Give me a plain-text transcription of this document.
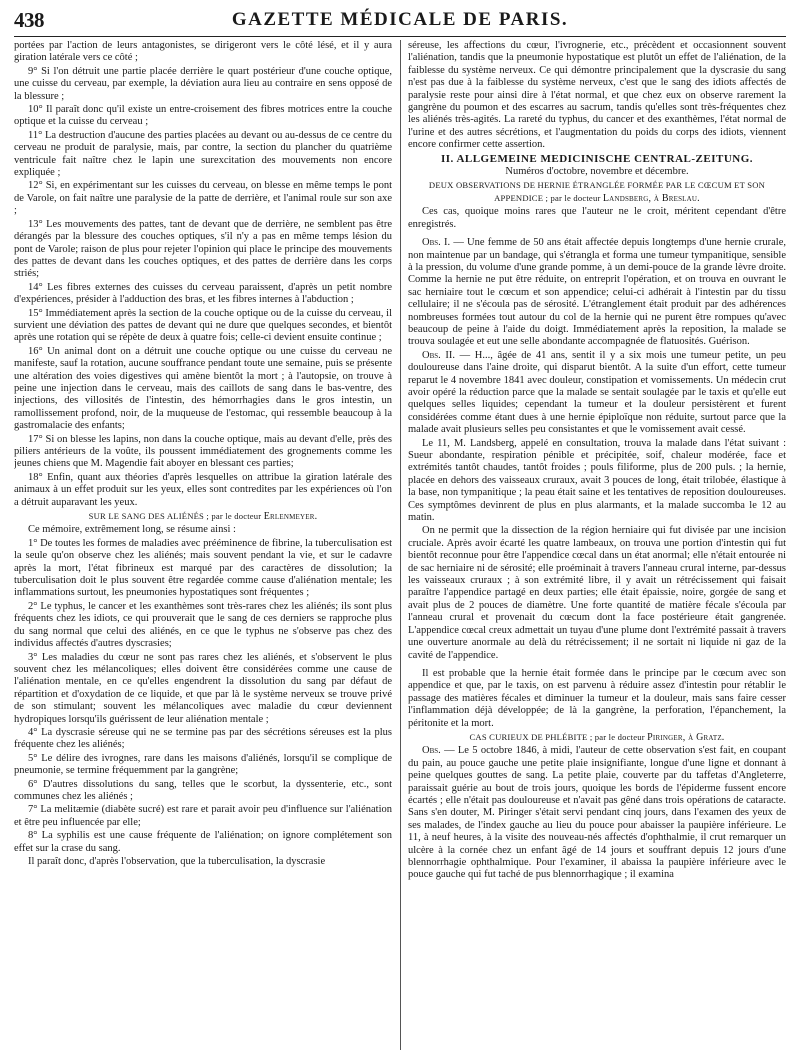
438	GAZETTE MÉDICALE DE PARIS.

portées par l'action de leurs antagonistes, se dirigeront vers le côté lésé, et il y aura giration latérale vers ce côté ;

9° Si l'on détruit une partie placée derrière le quart postérieur d'une couche optique, une cuisse du cerveau, par exemple, la déviation aura lieu au contraire en sens opposé de la blessure ;

10° Il paraît donc qu'il existe un entre-croisement des fibres motrices entre la couche optique et la cuisse du cerveau ;

11° La destruction d'aucune des parties placées au devant ou au-dessus de ce centre du cerveau ne produit de paralysie, mais, par contre, la section du plancher du quatrième ventricule fait naître chez le lapin une surexcitation des mouvements non encore expliquée ;

12° Si, en expérimentant sur les cuisses du cerveau, on blesse en même temps le pont de Varole, on fait naître une paralysie de la patte de derrière, et l'animal roule sur son axe ;

13° Les mouvements des pattes, tant de devant que de derrière, ne semblent pas être dérangés par la blessure des couches optiques, s'il n'y a pas en même temps lésion du pont de Varole; raison de plus pour rejeter l'opinion qui place le principe des mouvements des pattes de devant dans les couches optiques, et des pattes de derrière dans les corps striés;

14° Les fibres externes des cuisses du cerveau paraissent, d'après un petit nombre d'expériences, présider à l'adduction des bras, et les fibres internes à l'abduction ;

15° Immédiatement après la section de la couche optique ou de la cuisse du cerveau, il survient une déviation des pattes de devant qui ne dure que quelques secondes, et bientôt après une rotation qui se répète de deux à quatre fois; celle-ci devient ensuite continue ;

16° Un animal dont on a détruit une couche optique ou une cuisse du cerveau ne manifeste, sauf la rotation, aucune souffrance pendant toute une semaine, puis se présente une altération des voies digestives qui amène bientôt la mort ; à l'autopsie, on trouve à peine une injection dans le cerveau, mais des caillots de sang dans le bas-ventre, des injections, des villosités de l'intestin, des hémorrhagies dans le gros intestin, un ramollissement profond, noir, de la muqueuse de l'estomac, qui ressemble beaucoup à la gastromalacie des enfants;

17° Si on blesse les lapins, non dans la couche optique, mais au devant d'elle, près des piliers antérieurs de la voûte, ils poussent immédiatement des grognements comme les jeunes chiens que M. Magendie fait aboyer en blessant ces parties;

18° Enfin, quant aux théories d'après lesquelles on attribue la giration latérale des animaux à un effet produit sur les yeux, elles sont contredites par les expériences où l'on a détruit auparavant les yeux.

SUR LE SANG DES ALIÉNÉS ; par le docteur Erlenmeyer.

Ce mémoire, extrêmement long, se résume ainsi :

1° De toutes les formes de maladies avec prééminence de fibrine, la tuberculisation est la seule qu'on observe chez les aliénés; mais souvent pendant la vie, et sur le cadavre après la mort, l'état fibrineux est marqué par des caractères de dissolution; la tuberculisation doit le plus souvent être regardée comme cause d'aliénation mentale; les inflammations surtout, les pneumonies hypostatiques sont fréquentes ;

2° Le typhus, le cancer et les exanthèmes sont très-rares chez les aliénés; ils sont plus fréquents chez les idiots, ce qui prouverait que le sang de ces derniers se rapproche plus du sang normal que celui des aliénés, en ce que le typhus ne s'observe pas chez des individus affectés d'autres dyscrasies;

3° Les maladies du cœur ne sont pas rares chez les aliénés, et s'observent le plus souvent chez les mélancoliques; elles doivent être considérées comme une cause de l'aliénation mentale, en ce qu'elles engendrent la dissolution du sang par défaut de répartition et d'oxydation de ce liquide, et que par là le système nerveux se trouve privé de son stimulant; souvent les mélancoliques avec maladie du cœur deviennent hydropiques lorsqu'ils guérissent de leur aliénation mentale ;

4° La dyscrasie séreuse qui ne se termine pas par des sécrétions séreuses est la plus fréquente chez les aliénés;

5° Le délire des ivrognes, rare dans les maisons d'aliénés, lorsqu'il se complique de pneumonie, se termine fréquemment par la gangrène;

6° D'autres dissolutions du sang, telles que le scorbut, la dyssenterie, etc., sont communes chez les aliénés ;

7° La melitæmie (diabète sucré) est rare et parait avoir peu d'influence sur l'aliénation et être peu influencée par elle;

8° La syphilis est une cause fréquente de l'aliénation; on ignore complétement son effet sur la crase du sang.

Il paraît donc, d'après l'observation, que la tuberculisation, la dyscrasie

séreuse, les affections du cœur, l'ivrognerie, etc., précèdent et occasionnent souvent l'aliénation, tandis que la pneumonie hypostatique est plutôt un effet de l'aliénation, de la faiblesse du système nerveux. Ce qui démontre principalement que la dyscrasie du sang n'est pas due à la faiblesse du système nerveux, c'est que le sang des idiots affectés de paralysie reste pour ainsi dire à l'état normal, et que chez eux on observe rarement la gangrène du poumon et des escarres au sacrum, tandis qu'elles sont très-fréquentes chez les aliénés très-agités. La rareté du typhus, du cancer et des exanthèmes, l'état normal de l'urine et des autres sécrétions, et l'augmentation du poids du corps des idiots, viennent encore confirmer cette assertion.

II. ALLGEMEINE MEDICINISCHE CENTRAL-ZEITUNG.

Numéros d'octobre, novembre et décembre.

DEUX OBSERVATIONS DE HERNIE ÉTRANGLÉE FORMÉE PAR LE CŒCUM ET SON APPENDICE ; par le docteur Landsberg, à Breslau.

Ces cas, quoique moins rares que l'auteur ne le croit, méritent cependant d'être enregistrés.

Obs. I. — Une femme de 50 ans était affectée depuis longtemps d'une hernie crurale, non maintenue par un bandage, qui s'étrangla et forma une tumeur tympanitique, sensible à la pression, du volume d'une grande pomme, à un demi-pouce de la grande lèvre droite. Comme la hernie ne put être réduite, on entreprit l'opération, et on trouva en ouvrant le sac herniaire tout le cœcum et son appendice; celui-ci adhérait à l'intestin par du tissu cellulaire; il ne s'écoula pas de sérosité. L'étranglement était produit par des adhérences nombreuses formées tout autour du col de la hernie qui ne purent être rompues qu'avec beaucoup de peine à l'aide du doigt. Immédiatement après la reposition, la malade se trouva soulagée et eut une selle abondante accompagnée de flatuosités. Guérison.

Obs. II. — H..., âgée de 41 ans, sentit il y a six mois une tumeur petite, un peu douloureuse dans l'aine droite, qui disparut bientôt. A la suite d'un effort, cette tumeur reparut le 4 novembre 1841 avec douleur, constipation et vomissements. Un médecin crut avoir opéré la réduction parce que la malade se sentait soulagée par le taxis et qu'elle eut quelques selles liquides; cependant la tumeur et la douleur persistèrent et furent considérées comme étant dues à une hernie épiploïque non réduite, surtout parce que la malade avait plusieurs selles peu consistantes et que le vomissement avait cessé.

Le 11, M. Landsberg, appelé en consultation, trouva la malade dans l'état suivant : Sueur abondante, respiration pénible et précipitée, soif, chaleur modérée, face et extrémités tantôt chaudes, tantôt froides ; pouls filiforme, plus de 200 puls. ; la hernie, placée en dehors des vaisseaux cruraux, avait 3 pouces de long, était trilobée, élastique à la base, non tympanitique ; la peau était saine et les tentatives de reposition douloureuses. Ces symptômes devinrent de plus en plus alarmants, et la malade succomba le 12 au matin.

On ne permit que la dissection de la région herniaire qui fut divisée par une incision cruciale. Après avoir écarté les quatre lambeaux, on trouva une portion d'intestin qui fut bientôt reconnue pour être l'appendice cœcal dans un état anormal; elle n'était entourée ni de sac herniaire ni de sérosité; elle proéminait à travers l'anneau crural interne, par-dessus les vaisseaux cruraux ; à son extrémité libre, il y avait un rétrécissement qui faisait paraître l'appendice partagé en deux parties; elle était épaissie, noire, gorgée de sang et avait plus de 2 pouces de diamètre. Une forte quantité de matière fécale s'écoula par l'anneau crural et provenait du cœcum dont la face postérieure était gangrenée. L'appendice cœcal creux admettait un tuyau d'une plume dont l'extrémité passait à travers une ouverture anormale au delà du rétrécissement; il ne sortait ni liquide ni gaz de la cavité de l'appendice.

Il est probable que la hernie était formée dans le principe par le cœcum avec son appendice et que, par le taxis, on est parvenu à réduire assez d'intestin pour rétablir le passage des matières fécales et diminuer la tumeur et la douleur, mais sans faire cesser l'inflammation déjà développée; de là la gangrène, la perforation, l'épanchement, la péritonite et la mort.

CAS CURIEUX DE PHLÉBITE ; par le docteur Piringer, à Gratz.

Obs. — Le 5 octobre 1846, à midi, l'auteur de cette observation s'est fait, en coupant du pain, au pouce gauche une petite plaie insignifiante, longue d'une ligne et donnant à peine quelques gouttes de sang. La petite plaie, couverte par du taffetas d'Angleterre, paraissait guérie au bout de trois jours, quoique les bords de l'épiderme fussent encore écartés ; elle n'était pas douloureuse et n'avait pas gêné dans trois opérations de cataracte. Sans s'en douter, M. Piringer s'était servi pendant cinq jours, dans l'examen des yeux de ses malades, de l'index gauche au lieu du pouce pour abaisser la paupière inférieure. Le 11, à neuf heures, à la visite des nouveau-nés affectés d'ophthalmie, il crut remarquer un ulcère à la cornée chez un enfant âgé de 14 jours et souffrant depuis 12 jours d'une blennorrhagie ophthalmique. Pour l'examiner, il abaissa la paupière inférieure avec le pouce gauche qui fut taché de pus blennorrhagique ; il examina
